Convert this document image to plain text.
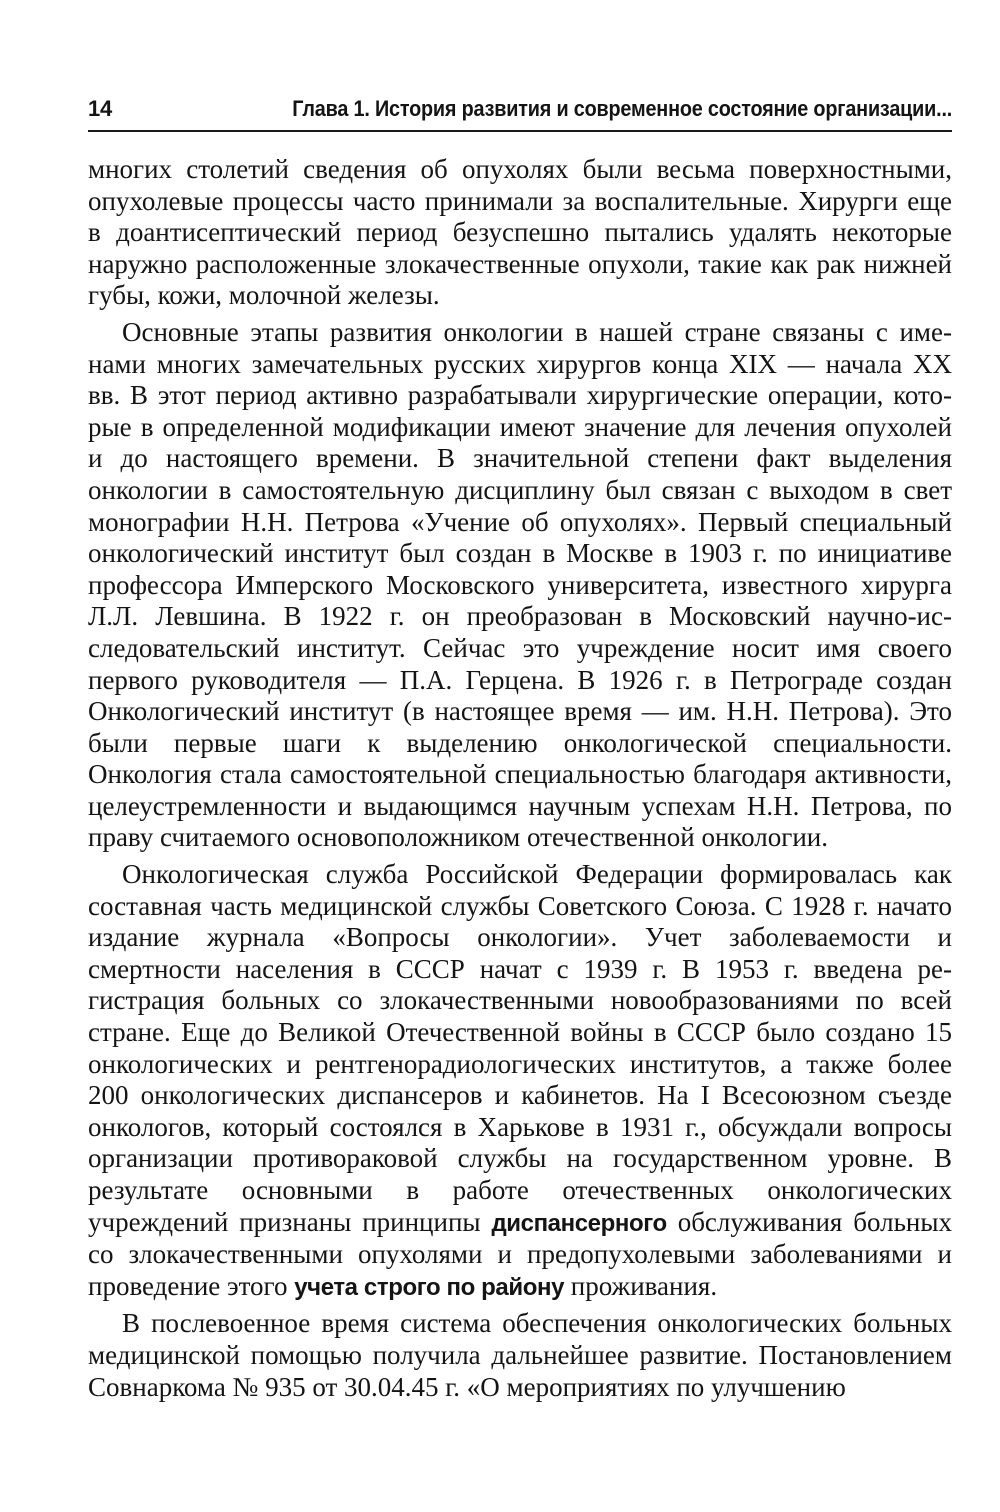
14	Глава 1. История развития и современное состояние организации...

многих столетий сведения об опухолях были весьма поверхностными, опухолевые процессы часто принимали за воспалительные. Хирурги еще в доантисептический период безуспешно пытались удалять некоторые наружно расположенные злокачественные опухоли, такие как рак нижней губы, кожи, молочной железы.

Основные этапы развития онкологии в нашей стране связаны с именами многих замечательных русских хирургов конца XIX — начала XX вв. В этот период активно разрабатывали хирургические операции, которые в определенной модификации имеют значение для лечения опухолей и до настоящего времени. В значительной степени факт выделения онкологии в самостоятельную дисциплину был связан с выходом в свет монографии Н.Н. Петрова «Учение об опухолях». Первый специальный онкологический институт был создан в Москве в 1903 г. по инициативе профессора Имперского Московского университета, известного хирурга Л.Л. Левшина. В 1922 г. он преобразован в Московский научно-исследовательский институт. Сейчас это учреждение носит имя своего первого руководителя — П.А. Герцена. В 1926 г. в Петрограде создан Онкологический институт (в настоящее время — им. Н.Н. Петрова). Это были первые шаги к выделению онкологической специальности. Онкология стала самостоятельной специальностью благодаря активности, целеустремленности и выдающимся научным успехам Н.Н. Петрова, по праву считаемого основоположником отечественной онкологии.

Онкологическая служба Российской Федерации формировалась как составная часть медицинской службы Советского Союза. С 1928 г. начато издание журнала «Вопросы онкологии». Учет заболеваемости и смертности населения в СССР начат с 1939 г. В 1953 г. введена регистрация больных со злокачественными новообразованиями по всей стране. Еще до Великой Отечественной войны в СССР было создано 15 онкологических и рентгенорадиологических институтов, а также более 200 онкологических диспансеров и кабинетов. На I Всесоюзном съезде онкологов, который состоялся в Харькове в 1931 г., обсуждали вопросы организации противораковой службы на государственном уровне. В результате основными в работе отечественных онкологических учреждений признаны принципы диспансерного обслуживания больных со злокачественными опухолями и предопухолевыми заболеваниями и проведение этого учета строго по району проживания.

В послевоенное время система обеспечения онкологических больных медицинской помощью получила дальнейшее развитие. Постановлением Совнаркома № 935 от 30.04.45 г. «О мероприятиях по улучшению
